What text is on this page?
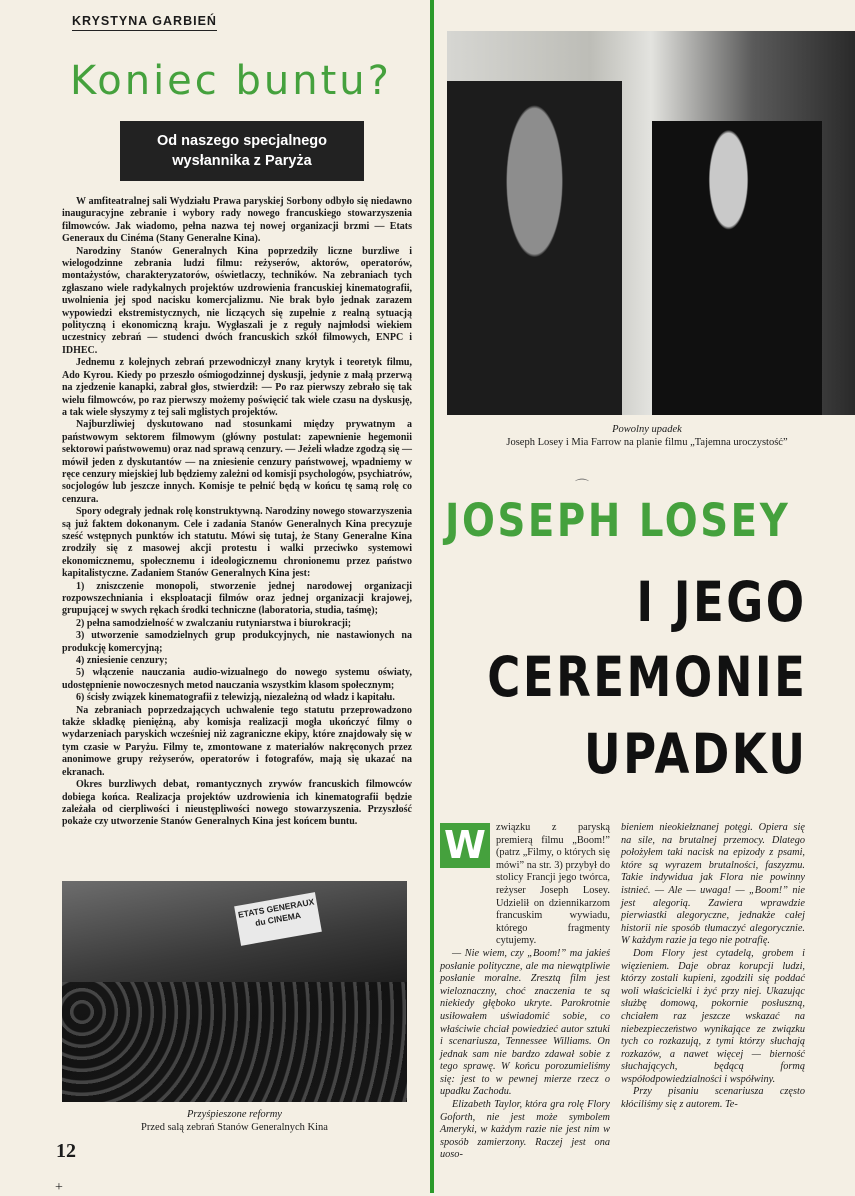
KRYSTYNA GARBIEŃ
Koniec buntu?
Od naszego specjalnego
wysłannika z Paryża

W amfiteatralnej sali Wydziału Prawa paryskiej Sorbony odbyło się niedawno inauguracyjne zebranie i wybory rady nowego francuskiego stowarzyszenia filmowców. Jak wiadomo, pełna nazwa tej nowej organizacji brzmi — Etats Generaux du Cinéma (Stany Generalne Kina).

Narodziny Stanów Generalnych Kina poprzedziły liczne burzliwe i wielogodzinne zebrania ludzi filmu: reżyserów, aktorów, operatorów, montażystów, charakteryzatorów, oświetlaczy, techników. Na zebraniach tych zgłaszano wiele radykalnych projektów uzdrowienia francuskiej kinematografii, uwolnienia jej spod nacisku komercjalizmu. Nie brak było jednak zarazem wypowiedzi ekstremistycznych, nie liczących się zupełnie z realną sytuacją polityczną i ekonomiczną kraju. Wygłaszali je z reguły najmłodsi wiekiem uczestnicy zebrań — studenci dwóch francuskich szkół filmowych, ENPC i IDHEC.

Jednemu z kolejnych zebrań przewodniczył znany krytyk i teoretyk filmu, Ado Kyrou. Kiedy po przeszło ośmiogodzinnej dyskusji, jedynie z małą przerwą na zjedzenie kanapki, zabrał głos, stwierdził: — Po raz pierwszy zebrało się tak wielu filmowców, po raz pierwszy możemy poświęcić tak wiele czasu na dyskusję, a tak wiele słyszymy z tej sali mglistych projektów.

Najburzliwiej dyskutowano nad stosunkami między prywatnym a państwowym sektorem filmowym (główny postulat: zapewnienie hegemonii sektorowi państwowemu) oraz nad sprawą cenzury. — Jeżeli władze zgodzą się — mówił jeden z dyskutantów — na zniesienie cenzury państwowej, wpadniemy w ręce cenzury miejskiej lub będziemy zależni od komisji psychologów, psychiatrów, socjologów lub jeszcze innych. Komisje te pełnić będą w końcu tę samą rolę co cenzura.

Spory odegrały jednak rolę konstruktywną. Narodziny nowego stowarzyszenia są już faktem dokonanym. Cele i zadania Stanów Generalnych Kina precyzuje sześć wstępnych punktów ich statutu. Mówi się tutaj, że Stany Generalne Kina zrodziły się z masowej akcji protestu i walki przeciwko systemowi ekonomicznemu, społecznemu i ideologicznemu chronionemu przez państwo kapitalistyczne. Zadaniem Stanów Generalnych Kina jest:

1) zniszczenie monopoli, stworzenie jednej narodowej organizacji rozpowszechniania i eksploatacji filmów oraz jednej organizacji krajowej, grupującej w swych rękach środki techniczne (laboratoria, studia, taśmę);

2) pełna samodzielność w zwalczaniu rutyniarstwa i biurokracji;

3) utworzenie samodzielnych grup produkcyjnych, nie nastawionych na produkcję komercyjną;

4) zniesienie cenzury;

5) włączenie nauczania audio-wizualnego do nowego systemu oświaty, udostępnienie nowoczesnych metod nauczania wszystkim klasom społecznym;

6) ścisły związek kinematografii z telewizją, niezależną od władz i kapitału.

Na zebraniach poprzedzających uchwalenie tego statutu przeprowadzono także składkę pieniężną, aby komisja realizacji mogła ukończyć filmy o wydarzeniach paryskich wcześniej niż zagraniczne ekipy, które znajdowały się w tym czasie w Paryżu. Filmy te, zmontowane z materiałów nakręconych przez anonimowe grupy reżyserów, operatorów i fotografów, mają się ukazać na ekranach.

Okres burzliwych debat, romantycznych zrywów francuskich filmowców dobiega końca. Realizacja projektów uzdrowienia ich kinematografii będzie zależała od cierpliwości i nieustępliwości nowego stowarzyszenia. Przyszłość pokaże czy utworzenie Stanów Generalnych Kina jest końcem buntu.

ETATS GENERAUX du CINEMA
Przyśpieszone reformy
Przed salą zebrań Stanów Generalnych Kina
12
+
Powolny upadek
Joseph Losey i Mia Farrow na planie filmu „Tajemna uroczystość”
⌒
JOSEPH LOSEY
I JEGO
CEREMONIE
UPADKU
W związku z paryską premierą filmu „Boom!” (patrz „Filmy, o których się mówi” na str. 3) przybył do stolicy Francji jego twórca, reżyser Joseph Losey. Udzielił on dziennikarzom francuskim wywiadu, którego fragmenty cytujemy.

— Nie wiem, czy „Boom!” ma jakieś posłanie polityczne, ale ma niewątpliwie posłanie moralne. Zresztą film jest wieloznaczny, choć znaczenia te są niekiedy głęboko ukryte. Parokrotnie usiłowałem uświadomić sobie, co właściwie chciał powiedzieć autor sztuki i scenariusza, Tennessee Williams. On jednak sam nie bardzo zdawał sobie z tego sprawę. W końcu porozumieliśmy się: jest to w pewnej mierze rzecz o upadku Zachodu.

Elizabeth Taylor, która gra rolę Flory Goforth, nie jest może symbolem Ameryki, w każdym razie nie jest nim w sposób zamierzony. Raczej jest ona uoso-

bieniem nieokiełznanej potęgi. Opiera się na sile, na brutalnej przemocy. Dlatego położyłem taki nacisk na epizody z psami, które są wyrazem brutalności, faszyzmu. Takie indywidua jak Flora nie powinny istnieć. — Ale — uwaga! — „Boom!” nie jest alegorią. Zawiera wprawdzie pierwiastki alegoryczne, jednakże całej historii nie sposób tłumaczyć alegorycznie. W każdym razie ja tego nie potrafię.

Dom Flory jest cytadelą, grobem i więzieniem. Daje obraz korupcji ludzi, którzy zostali kupieni, zgodzili się poddać woli właścicielki i żyć przy niej. Ukazując służbę domową, pokornie posłuszną, chciałem raz jeszcze wskazać na niebezpieczeństwo wynikające ze związku tych co rozkazują, z tymi którzy słuchają rozkazów, a nawet więcej — bierność słuchających, będącą formą współodpowiedzialności i współwiny.

Przy pisaniu scenariusza często kłóciliśmy się z autorem. Te-
